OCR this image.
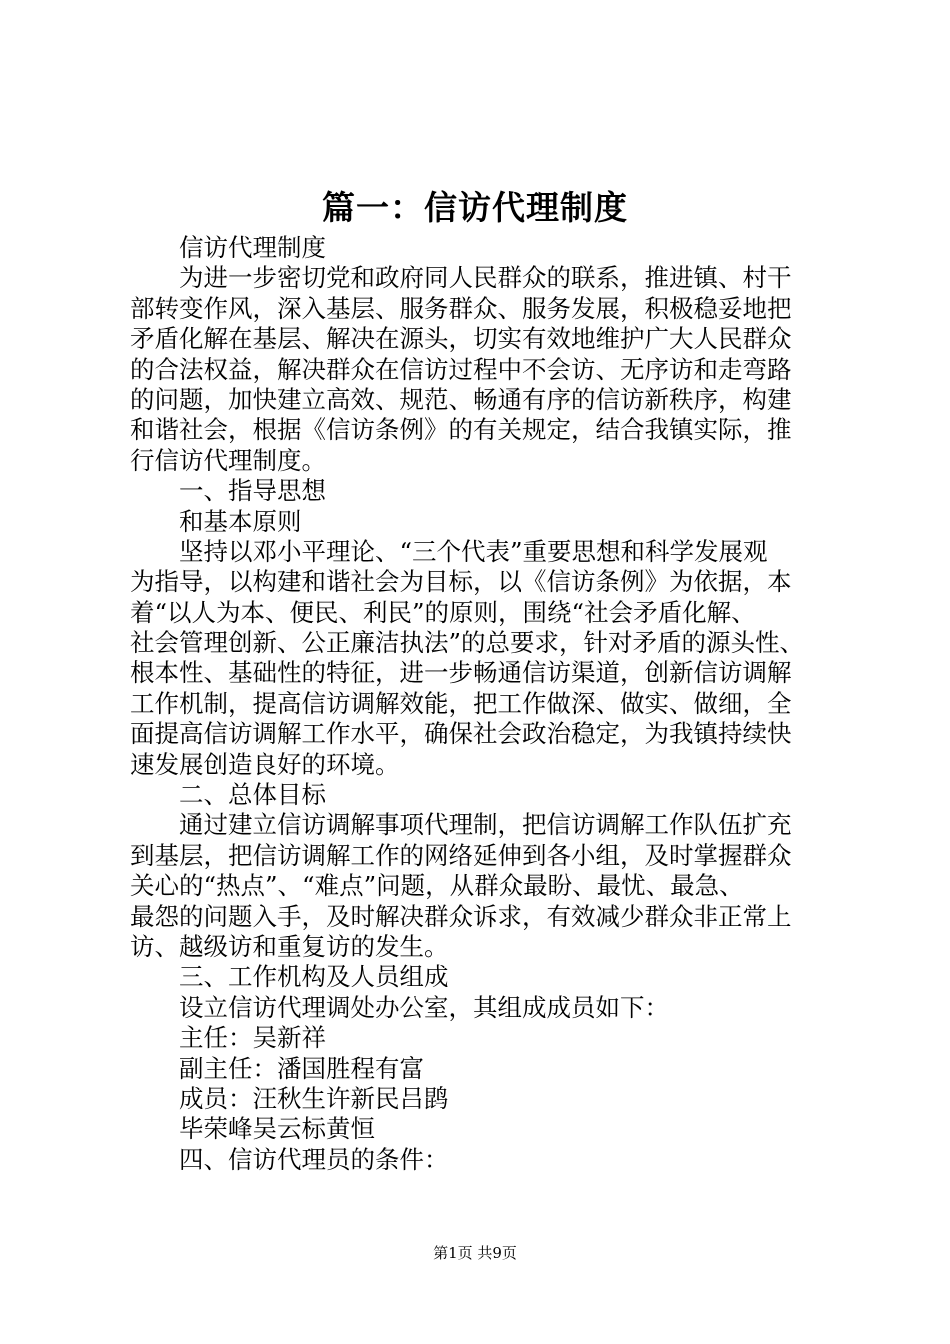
篇一：信访代理制度
信访代理制度
为进一步密切党和政府同人民群众的联系，推进镇、村干
部转变作风，深入基层、服务群众、服务发展，积极稳妥地把
矛盾化解在基层、解决在源头，切实有效地维护广大人民群众
的合法权益，解决群众在信访过程中不会访、无序访和走弯路
的问题，加快建立高效、规范、畅通有序的信访新秩序，构建
和谐社会，根据《信访条例》的有关规定，结合我镇实际，推
行信访代理制度。
一、指导思想
和基本原则
坚持以邓小平理论、“三个代表”重要思想和科学发展观
为指导，以构建和谐社会为目标，以《信访条例》为依据，本
着“以人为本、便民、利民”的原则，围绕“社会矛盾化解、
社会管理创新、公正廉洁执法”的总要求，针对矛盾的源头性、
根本性、基础性的特征，进一步畅通信访渠道，创新信访调解
工作机制，提高信访调解效能，把工作做深、做实、做细，全
面提高信访调解工作水平，确保社会政治稳定，为我镇持续快
速发展创造良好的环境。
二、总体目标
通过建立信访调解事项代理制，把信访调解工作队伍扩充
到基层，把信访调解工作的网络延伸到各小组，及时掌握群众
关心的“热点”、“难点”问题，从群众最盼、最忧、最急、
最怨的问题入手，及时解决群众诉求，有效减少群众非正常上
访、越级访和重复访的发生。
三、工作机构及人员组成
设立信访代理调处办公室，其组成成员如下：
主任：吴新祥
副主任：潘国胜程有富
成员：汪秋生许新民吕鹍
毕荣峰吴云标黄恒
四、信访代理员的条件：
第1页 共9页
